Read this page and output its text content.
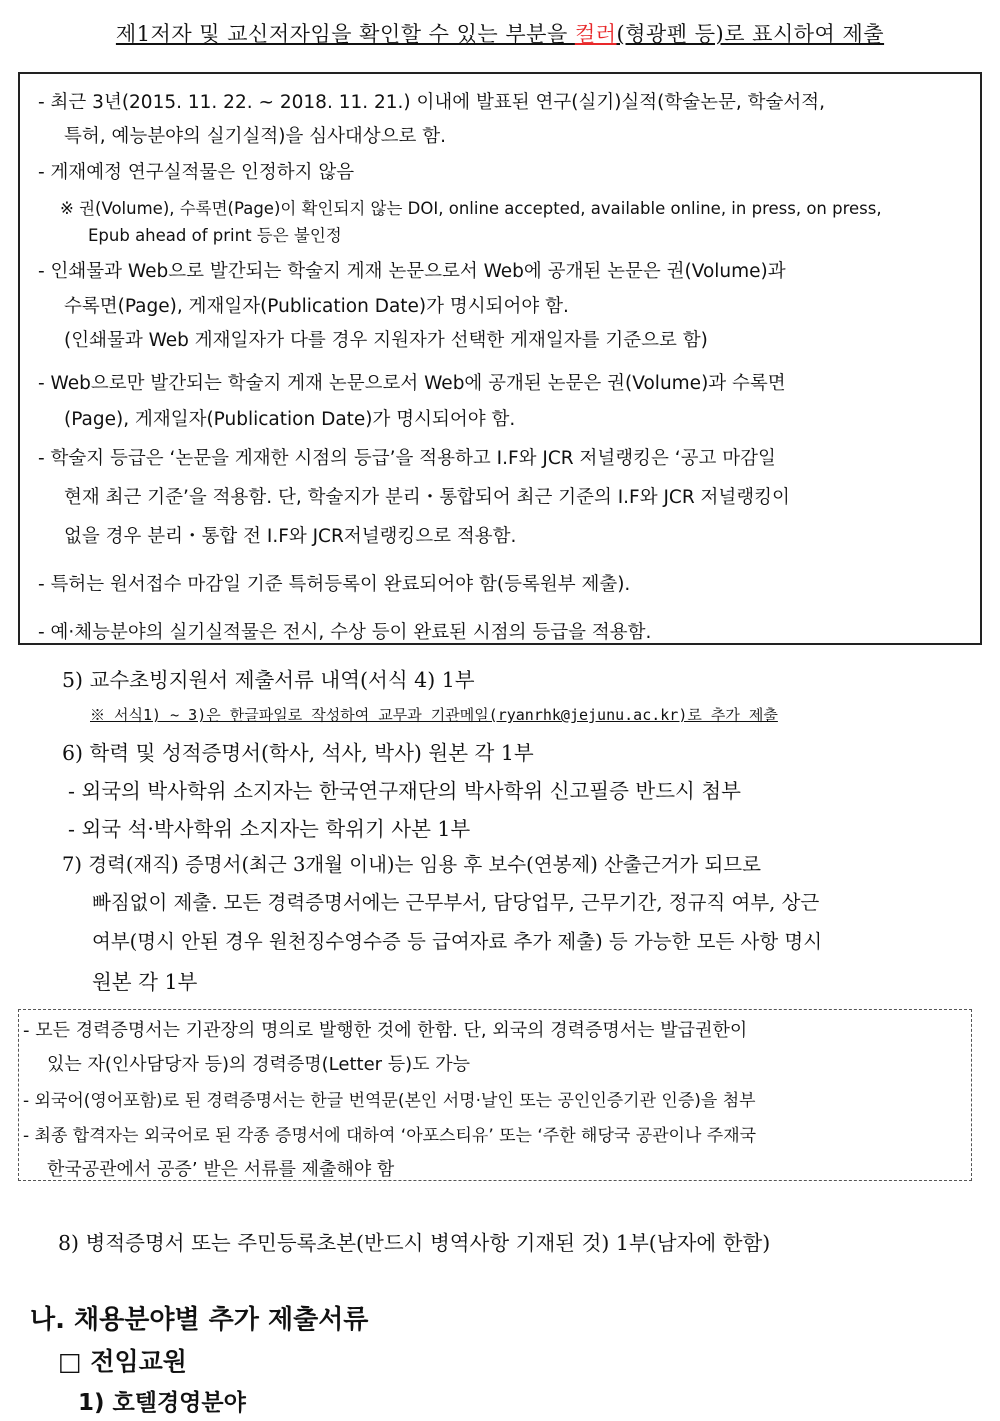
제1저자 및 교신저자임을 확인할 수 있는 부분을 컬러(형광펜 등)로 표시하여 제출
- 최근 3년(2015. 11. 22. ~ 2018. 11. 21.) 이내에 발표된 연구(실기)실적(학술논문, 학술서적,
특허, 예능분야의 실기실적)을 심사대상으로 함.
- 게재예정 연구실적물은 인정하지 않음
※ 권(Volume), 수록면(Page)이 확인되지 않는 DOI, online accepted, available online, in press, on press,
Epub ahead of print 등은 불인정
- 인쇄물과 Web으로 발간되는 학술지 게재 논문으로서 Web에 공개된 논문은 권(Volume)과
수록면(Page), 게재일자(Publication Date)가 명시되어야 함.
(인쇄물과 Web 게재일자가 다를 경우 지원자가 선택한 게재일자를 기준으로 함)
- Web으로만 발간되는 학술지 게재 논문으로서 Web에 공개된 논문은 권(Volume)과 수록면
(Page), 게재일자(Publication Date)가 명시되어야 함.
- 학술지 등급은 ‘논문을 게재한 시점의 등급’을 적용하고 I.F와 JCR 저널랭킹은 ‘공고 마감일
현재 최근 기준’을 적용함. 단, 학술지가 분리・통합되어 최근 기준의 I.F와 JCR 저널랭킹이
없을 경우 분리・통합 전 I.F와 JCR저널랭킹으로 적용함.
- 특허는 원서접수 마감일 기준 특허등록이 완료되어야 함(등록원부 제출).
- 예·체능분야의 실기실적물은 전시, 수상 등이 완료된 시점의 등급을 적용함.
5) 교수초빙지원서 제출서류 내역(서식 4) 1부
※ 서식1) ~ 3)은 한글파일로 작성하여 교무과 기관메일(ryanrhk@jejunu.ac.kr)로 추가 제출
6) 학력 및 성적증명서(학사, 석사, 박사) 원본 각 1부
- 외국의 박사학위 소지자는 한국연구재단의 박사학위 신고필증 반드시 첨부
- 외국 석·박사학위 소지자는 학위기 사본 1부
7) 경력(재직) 증명서(최근 3개월 이내)는 임용 후 보수(연봉제) 산출근거가 되므로
빠짐없이 제출. 모든 경력증명서에는 근무부서, 담당업무, 근무기간, 정규직 여부, 상근
여부(명시 안된 경우 원천징수영수증 등 급여자료 추가 제출) 등 가능한 모든 사항 명시
원본 각 1부
- 모든 경력증명서는 기관장의 명의로 발행한 것에 한함. 단, 외국의 경력증명서는 발급권한이
있는 자(인사담당자 등)의 경력증명(Letter 등)도 가능
- 외국어(영어포함)로 된 경력증명서는 한글 번역문(본인 서명·날인 또는 공인인증기관 인증)을 첨부
- 최종 합격자는 외국어로 된 각종 증명서에 대하여 ‘아포스티유’ 또는 ‘주한 해당국 공관이나 주재국
한국공관에서 공증’ 받은 서류를 제출해야 함
8) 병적증명서 또는 주민등록초본(반드시 병역사항 기재된 것) 1부(남자에 한함)
나. 채용분야별 추가 제출서류
□ 전임교원
1) 호텔경영분야
